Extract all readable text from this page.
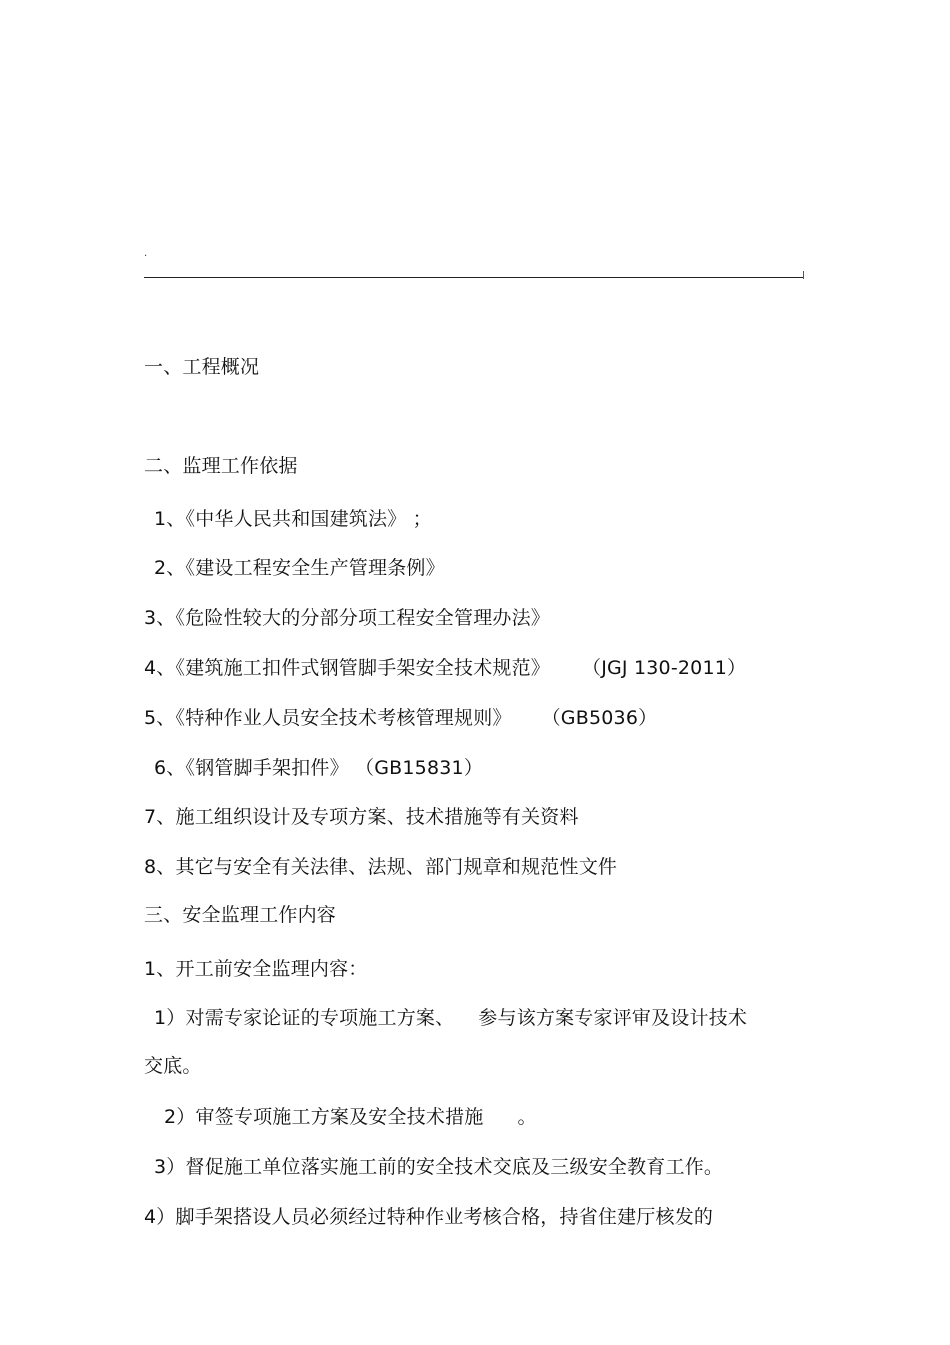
.
一、工程概况
二、监理工作依据
1、《中华人民共和国建筑法》 ；
2、《建设工程安全生产管理条例》
3、《危险性较大的分部分项工程安全管理办法》
4、《建筑施工扣件式钢管脚手架安全技术规范》 （JGJ 130-2011）
5、《特种作业人员安全技术考核管理规则》 （GB5036）
6、《钢管脚手架扣件》 （GB15831）
7、施工组织设计及专项方案、技术措施等有关资料
8、其它与安全有关法律、法规、部门规章和规范性文件
三、安全监理工作内容
1、开工前安全监理内容：
1）对需专家论证的专项施工方案、 参与该方案专家评审及设计技术
交底。
2）审签专项施工方案及安全技术措施 。
3）督促施工单位落实施工前的安全技术交底及三级安全教育工作。
4）脚手架搭设人员必须经过特种作业考核合格，持省住建厅核发的
